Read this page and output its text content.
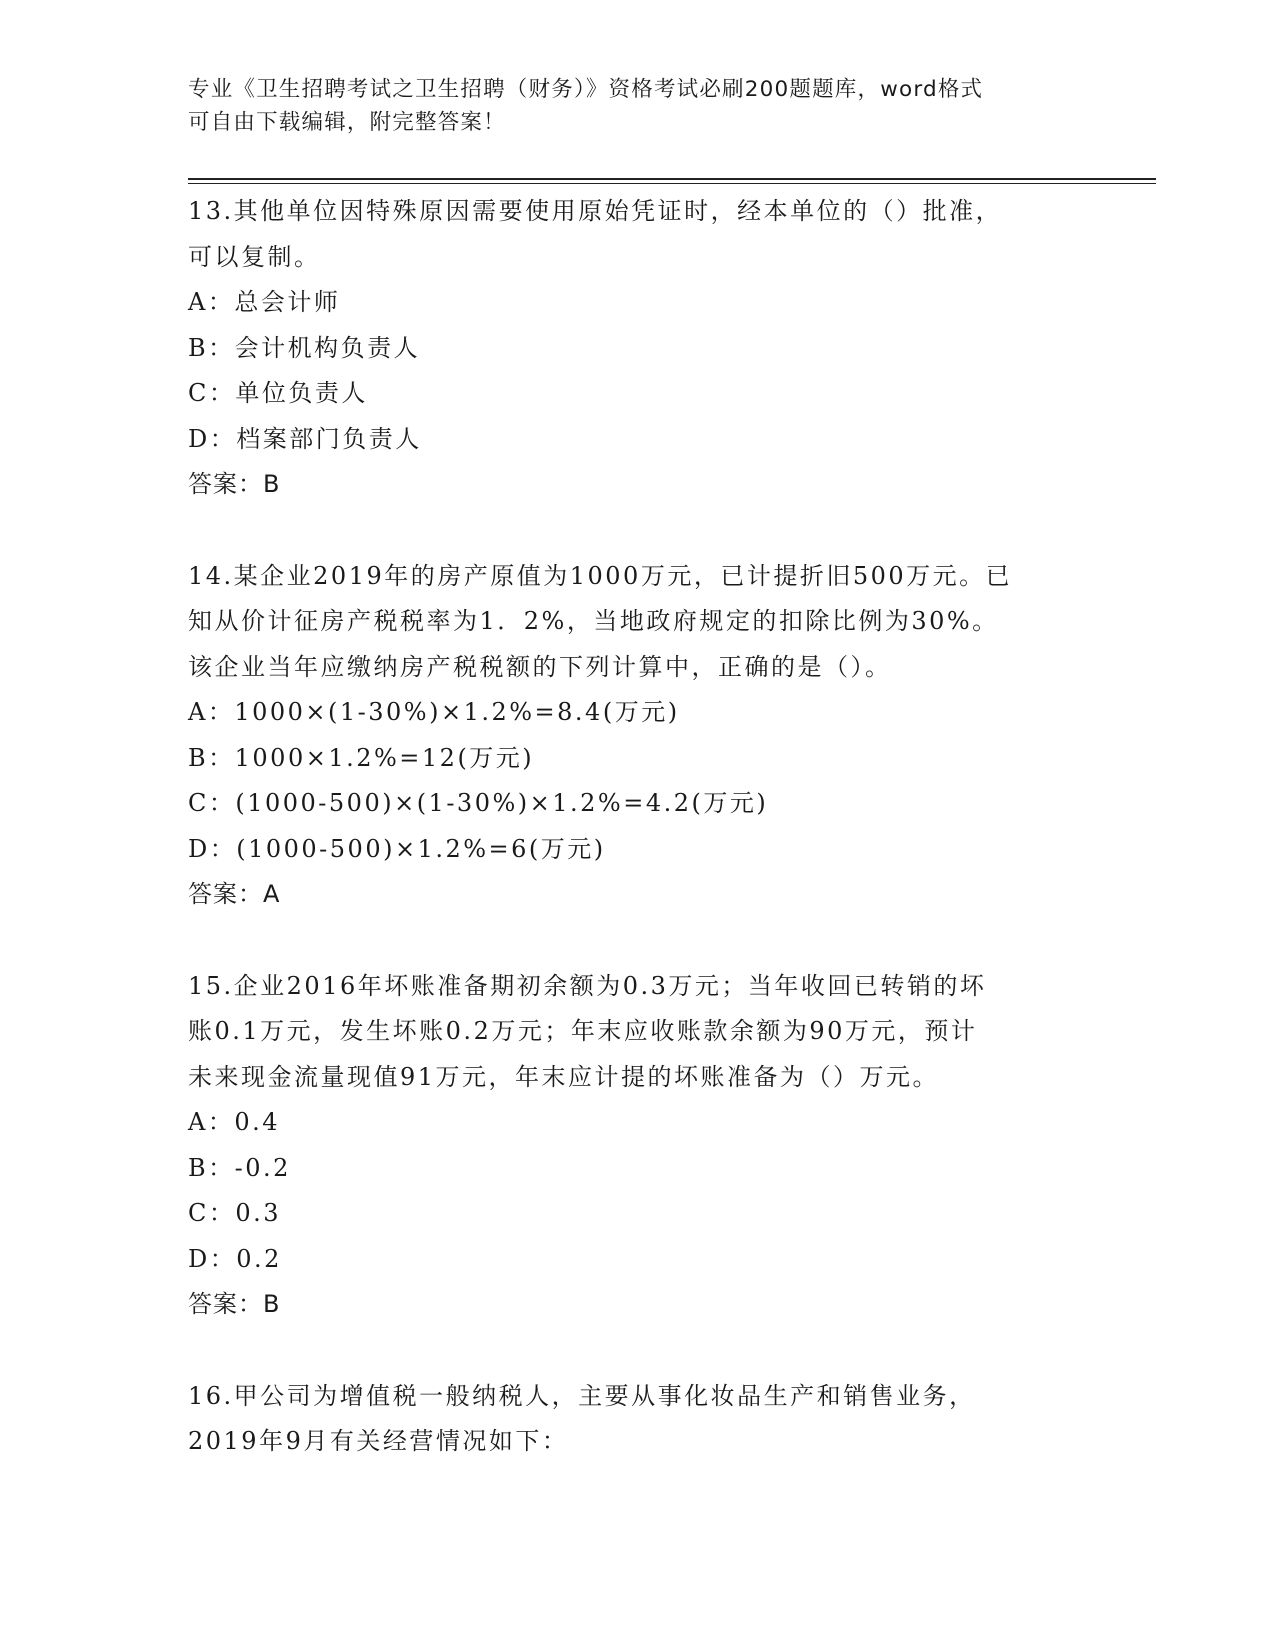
专业《卫生招聘考试之卫生招聘（财务）》资格考试必刷200题题库，word格式
可自由下载编辑，附完整答案！
13.其他单位因特殊原因需要使用原始凭证时，经本单位的（）批准，
可以复制。
A：总会计师
B：会计机构负责人
C：单位负责人
D：档案部门负责人
答案：B
14.某企业2019年的房产原值为1000万元，已计提折旧500万元。已
知从价计征房产税税率为1．2%，当地政府规定的扣除比例为30%。
该企业当年应缴纳房产税税额的下列计算中，正确的是（）。
A：1000×(1-30%)×1.2%=8.4(万元)
B：1000×1.2%=12(万元)
C：(1000-500)×(1-30%)×1.2%=4.2(万元)
D：(1000-500)×1.2%=6(万元)
答案：A
15.企业2016年坏账准备期初余额为0.3万元；当年收回已转销的坏
账0.1万元，发生坏账0.2万元；年末应收账款余额为90万元，预计
未来现金流量现值91万元，年末应计提的坏账准备为（）万元。
A：0.4
B：-0.2
C：0.3
D：0.2
答案：B
16.甲公司为增值税一般纳税人，主要从事化妆品生产和销售业务，
2019年9月有关经营情况如下：
